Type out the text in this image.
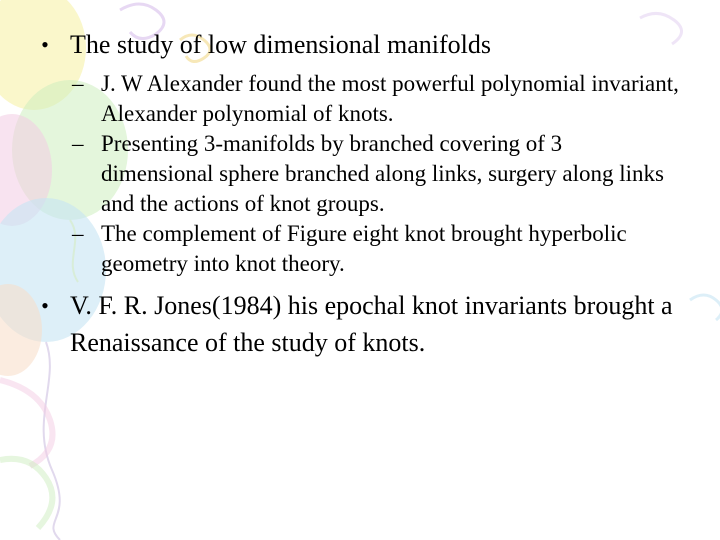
• The study of low dimensional manifolds
– J. W Alexander found the most powerful polynomial invariant, Alexander polynomial of knots.
– Presenting 3-manifolds by branched covering of 3 dimensional sphere branched along links, surgery along links and the actions of knot groups.
– The complement of Figure eight knot brought hyperbolic geometry into knot theory.
• V. F. R. Jones(1984) his epochal knot invariants brought a Renaissance of the study of knots.
